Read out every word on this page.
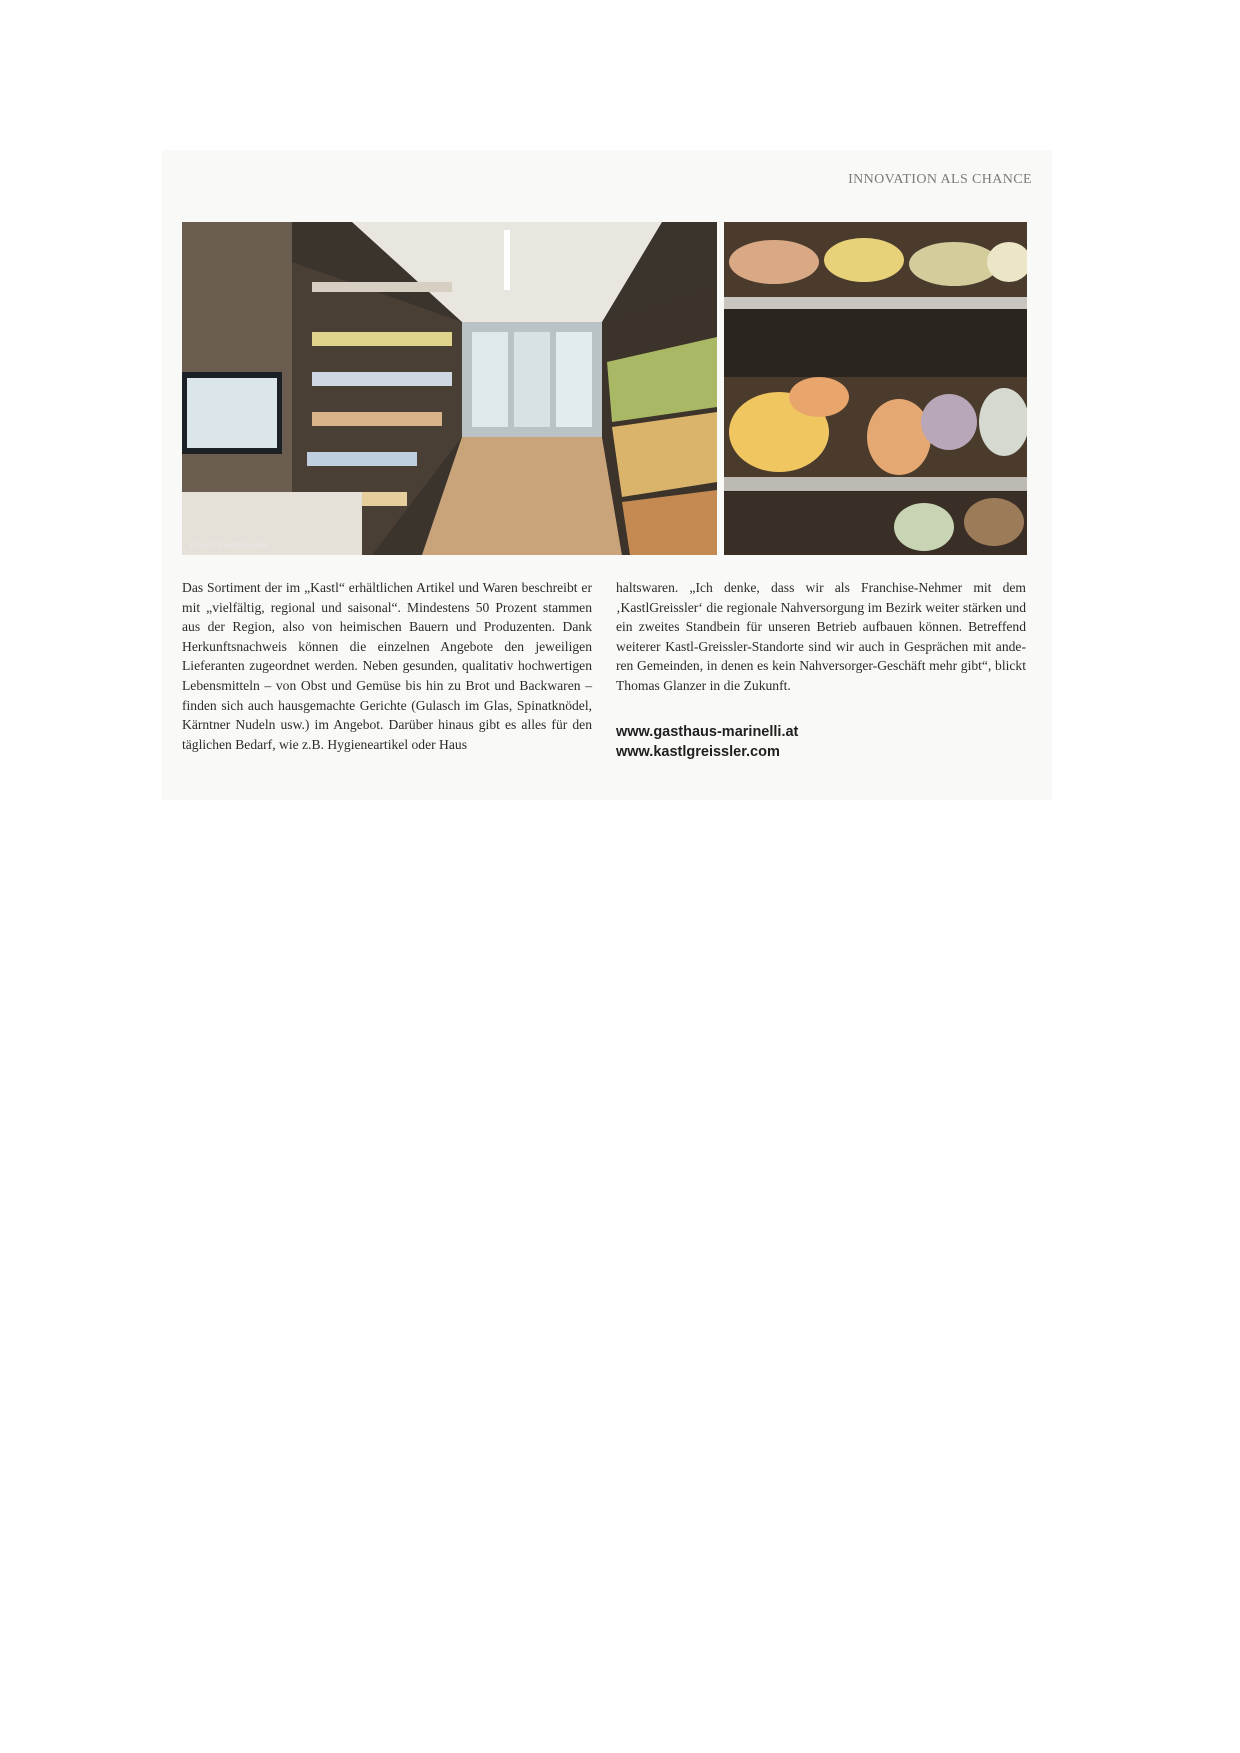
INNOVATION ALS CHANCE
Foto: © KastlGreissler

Das Sortiment der im „Kastl“ erhältlichen Artikel und Waren beschreibt er mit „vielfältig, regional und saisonal“. Mindestens 50 Prozent stammen aus der Region, also von heimischen Bauern und Produzenten. Dank Herkunftsnachweis können die einzelnen Angebote den jeweiligen Lieferanten zugeordnet werden. Neben gesunden, qualitativ hochwertigen Lebensmitteln – von Obst und Gemüse bis hin zu Brot und Backwaren – finden sich auch hausgemachte Gerichte (Gulasch im Glas, Spinatknödel, Kärntner Nudeln usw.) im Angebot. Darüber hinaus gibt es alles für den täglichen Bedarf, wie z.B. Hygieneartikel oder Haus

haltswaren. „Ich denke, dass wir als Franchise-Nehmer mit dem ‚KastlGreissler‘ die regionale Nahversorgung im Bezirk weiter stärken und ein zweites Standbein für unseren Betrieb aufbauen können. Betreffend weiterer Kastl-Greissler-Standorte sind wir auch in Gesprächen mit anderen Gemeinden, in denen es kein Nahversorger-Geschäft mehr gibt“, blickt Thomas Glanzer in die Zukunft.

www.gasthaus-marinelli.at
www.kastlgreissler.com
